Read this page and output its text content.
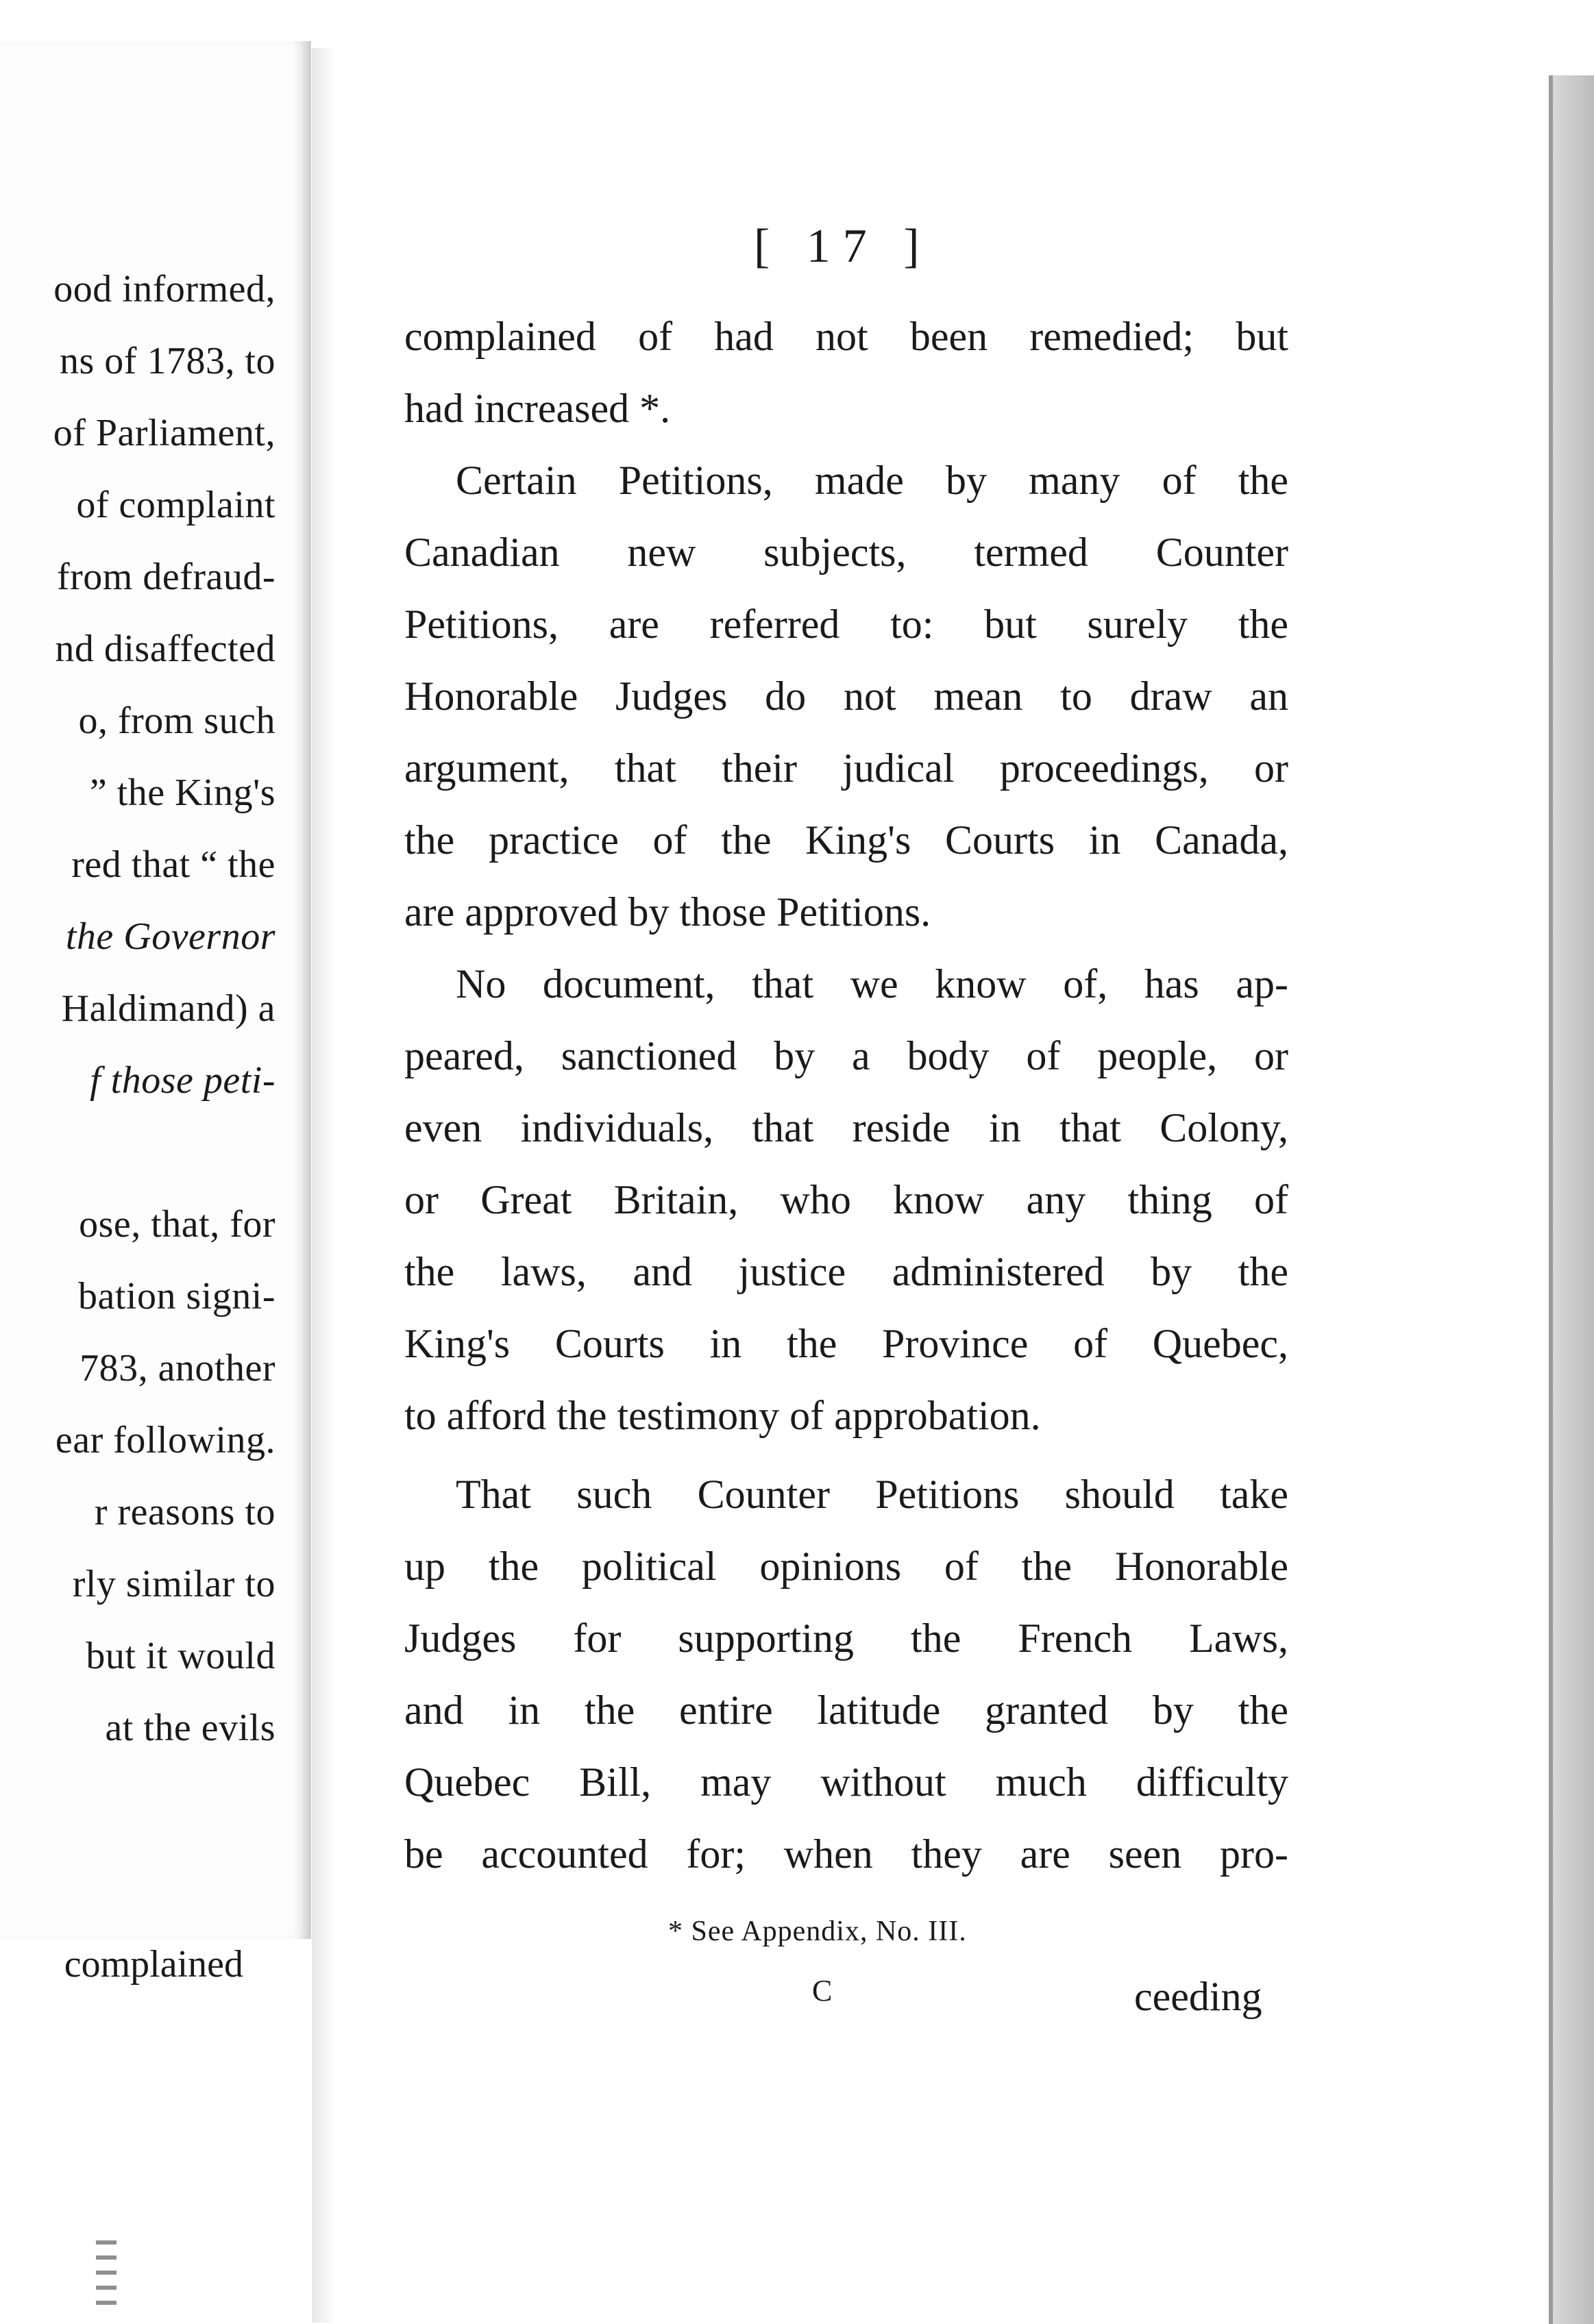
ood informed,
ns of 1783, to
of Parliament,
of complaint
from defraud-
nd disaffected
o, from such
” the King's
red that “ the
the Governor
Haldimand) a
f those peti-
ose, that, for
bation signi-
783, another
ear following.
r reasons to
rly similar to
but it would
at the evils
complained
[ 17 ]
complained of had not been remedied; but
had increased *.
Certain Petitions, made by many of the
Canadian new subjects, termed Counter
Petitions, are referred to: but surely the
Honorable Judges do not mean to draw an
argument, that their judical proceedings, or
the practice of the King's Courts in Canada,
are approved by those Petitions.
No document, that we know of, has ap-
peared, sanctioned by a body of people, or
even individuals, that reside in that Colony,
or Great Britain, who know any thing of
the laws, and justice administered by the
King's Courts in the Province of Quebec,
to afford the testimony of approbation.
That such Counter Petitions should take
up the political opinions of the Honorable
Judges for supporting the French Laws,
and in the entire latitude granted by the
Quebec Bill, may without much difficulty
be accounted for; when they are seen pro-
* See Appendix, No. III.
C	ceeding
